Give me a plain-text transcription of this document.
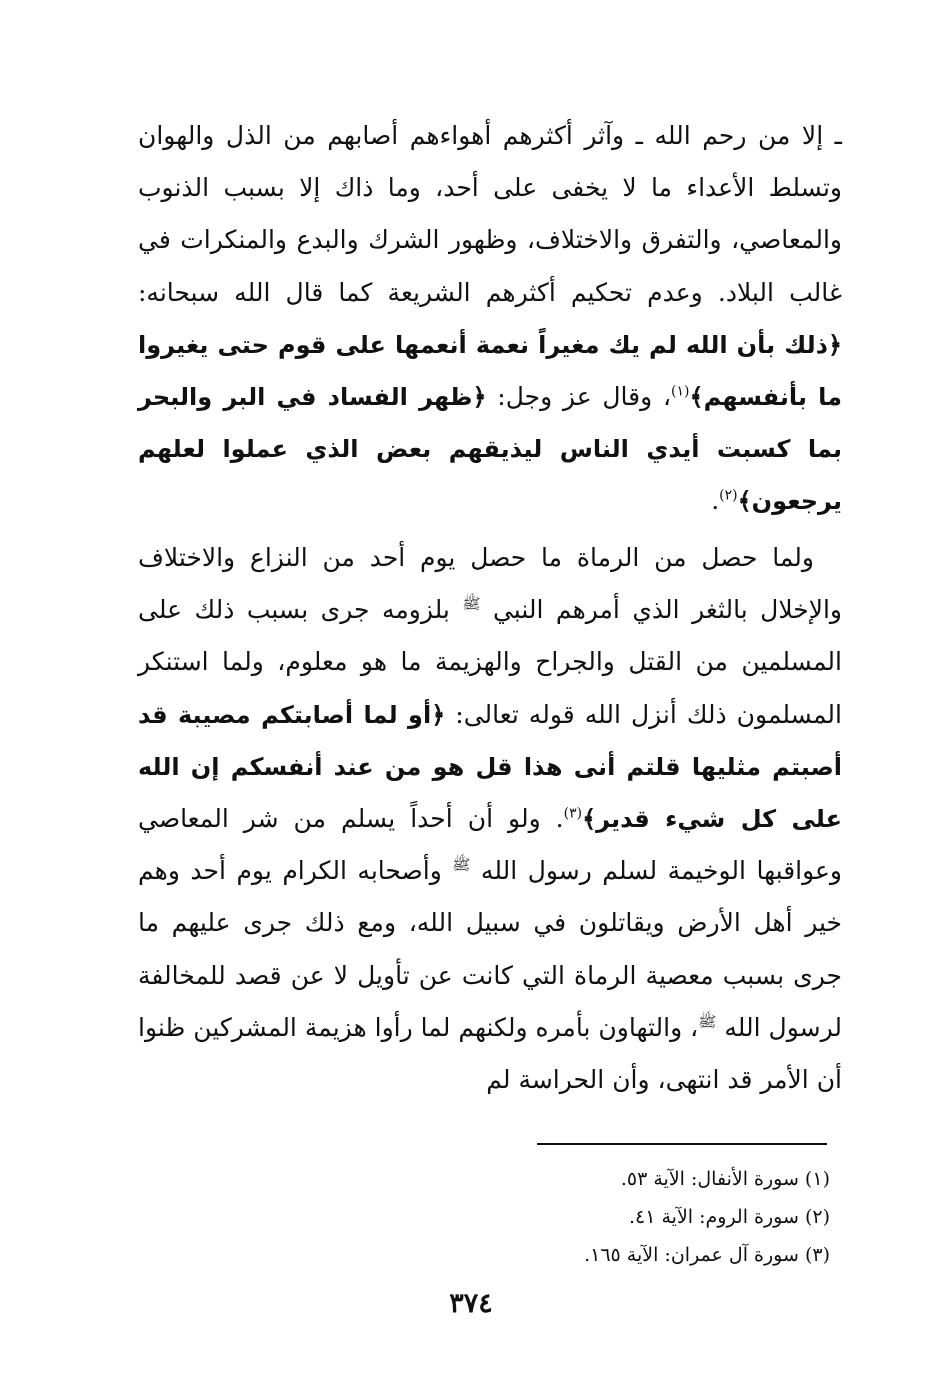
ـ إلا من رحم الله ـ وآثر أكثرهم أهواءهم أصابهم من الذل والهوان وتسلط الأعداء ما لا يخفى على أحد، وما ذاك إلا بسبب الذنوب والمعاصي، والتفرق والاختلاف، وظهور الشرك والبدع والمنكرات في غالب البلاد. وعدم تحكيم أكثرهم الشريعة كما قال الله سبحانه: ﴿ذلك بأن الله لم يك مغيراً نعمة أنعمها على قوم حتى يغيروا ما بأنفسهم﴾$^{(١)}$، وقال عز وجل: ﴿ظهر الفساد في البر والبحر بما كسبت أيدي الناس ليذيقهم بعض الذي عملوا لعلهم يرجعون﴾$^{(٢)}$.

ولما حصل من الرماة ما حصل يوم أحد من النزاع والاختلاف والإخلال بالثغر الذي أمرهم النبي $^ﷺ$ بلزومه جرى بسبب ذلك على المسلمين من القتل والجراح والهزيمة ما هو معلوم، ولما استنكر المسلمون ذلك أنزل الله قوله تعالى: ﴿أو لما أصابتكم مصيبة قد أصبتم مثليها قلتم أنى هذا قل هو من عند أنفسكم إن الله على كل شيء قدير﴾$^{(٣)}$. ولو أن أحداً يسلم من شر المعاصي وعواقبها الوخيمة لسلم رسول الله $^ﷺ$ وأصحابه الكرام يوم أحد وهم خير أهل الأرض ويقاتلون في سبيل الله، ومع ذلك جرى عليهم ما جرى بسبب معصية الرماة التي كانت عن تأويل لا عن قصد للمخالفة لرسول الله $^ﷺ$، والتهاون بأمره ولكنهم لما رأوا هزيمة المشركين ظنوا أن الأمر قد انتهى، وأن الحراسة لم

(١) سورة الأنفال: الآية ٥٣.
(٢) سورة الروم: الآية ٤١.
(٣) سورة آل عمران: الآية ١٦٥.
٣٧٤
